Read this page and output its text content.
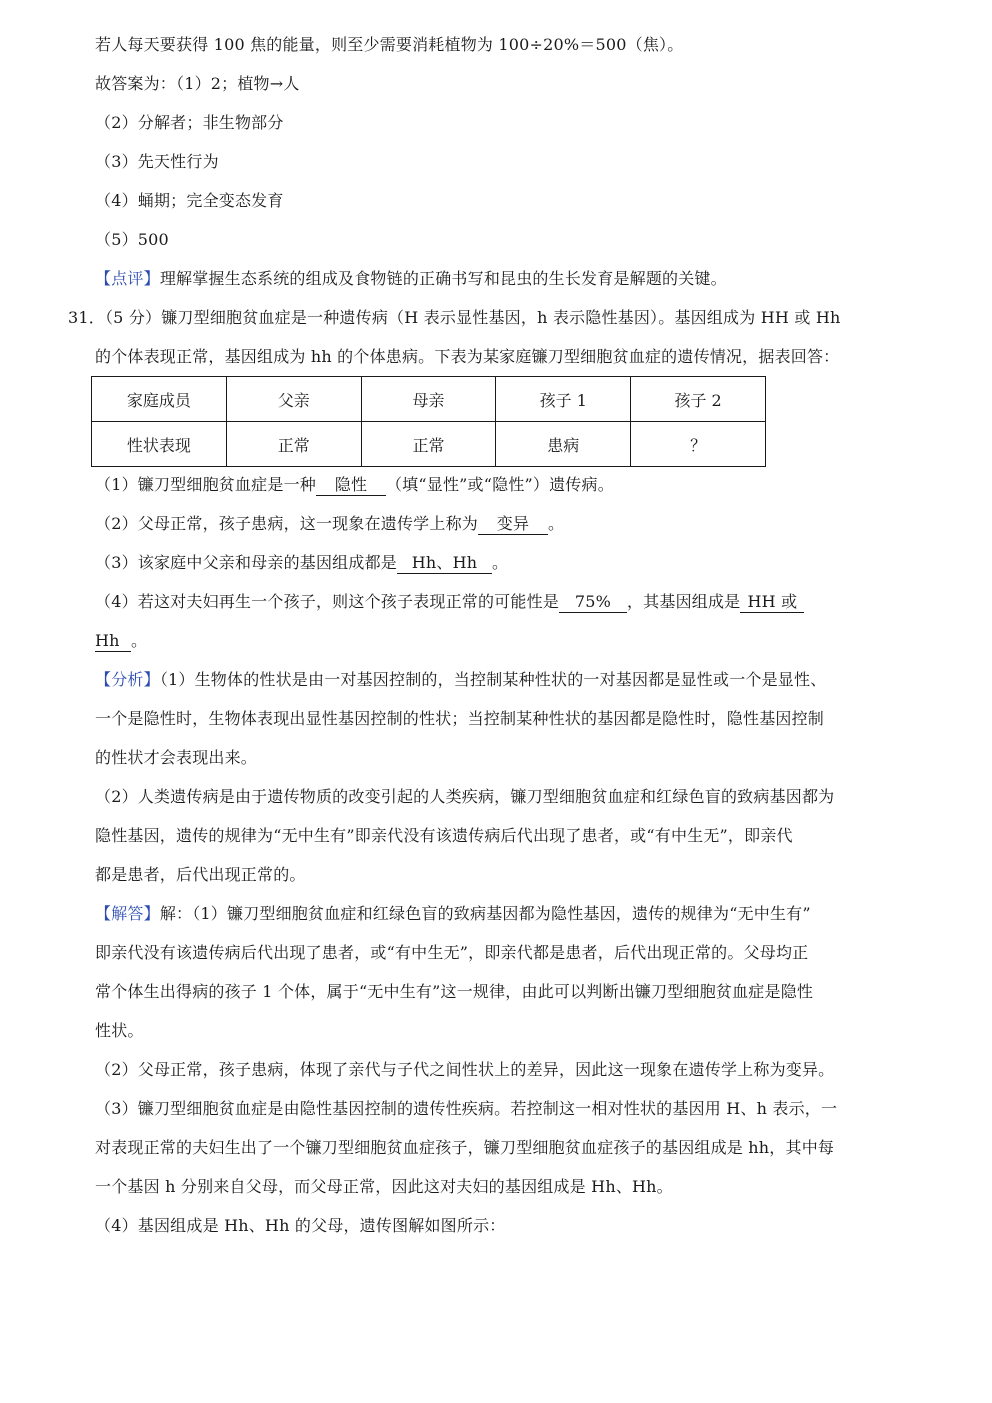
若人每天要获得 100 焦的能量，则至少需要消耗植物为 100÷20%＝500（焦）。
故答案为：（1）2；植物→人
（2）分解者；非生物部分
（3）先天性行为
（4）蛹期；完全变态发育
（5）500
【点评】理解掌握生态系统的组成及食物链的正确书写和昆虫的生长发育是解题的关键。
31．（5 分）镰刀型细胞贫血症是一种遗传病（H 表示显性基因，h 表示隐性基因）。基因组成为 HH 或 Hh
的个体表现正常，基因组成为 hh 的个体患病。下表为某家庭镰刀型细胞贫血症的遗传情况，据表回答：
家庭成员	父亲	母亲	孩子 1	孩子 2
性状表现	正常	正常	患病	？
（1）镰刀型细胞贫血症是一种 隐性 （填“显性”或“隐性”）遗传病。
（2）父母正常，孩子患病，这一现象在遗传学上称为 变异 。
（3）该家庭中父亲和母亲的基因组成都是 Hh、Hh 。
（4）若这对夫妇再生一个孩子，则这个孩子表现正常的可能性是 75% ，其基因组成是 HH 或
Hh 。
【分析】（1）生物体的性状是由一对基因控制的，当控制某种性状的一对基因都是显性或一个是显性、
一个是隐性时，生物体表现出显性基因控制的性状；当控制某种性状的基因都是隐性时，隐性基因控制
的性状才会表现出来。
（2）人类遗传病是由于遗传物质的改变引起的人类疾病，镰刀型细胞贫血症和红绿色盲的致病基因都为
隐性基因，遗传的规律为“无中生有”即亲代没有该遗传病后代出现了患者，或“有中生无”，即亲代
都是患者，后代出现正常的。
【解答】解：（1）镰刀型细胞贫血症和红绿色盲的致病基因都为隐性基因，遗传的规律为“无中生有”
即亲代没有该遗传病后代出现了患者，或“有中生无”，即亲代都是患者，后代出现正常的。父母均正
常个体生出得病的孩子 1 个体，属于“无中生有”这一规律，由此可以判断出镰刀型细胞贫血症是隐性
性状。
（2）父母正常，孩子患病，体现了亲代与子代之间性状上的差异，因此这一现象在遗传学上称为变异。
（3）镰刀型细胞贫血症是由隐性基因控制的遗传性疾病。若控制这一相对性状的基因用 H、h 表示，一
对表现正常的夫妇生出了一个镰刀型细胞贫血症孩子，镰刀型细胞贫血症孩子的基因组成是 hh，其中每
一个基因 h 分别来自父母，而父母正常，因此这对夫妇的基因组成是 Hh、Hh。
（4）基因组成是 Hh、Hh 的父母，遗传图解如图所示：
